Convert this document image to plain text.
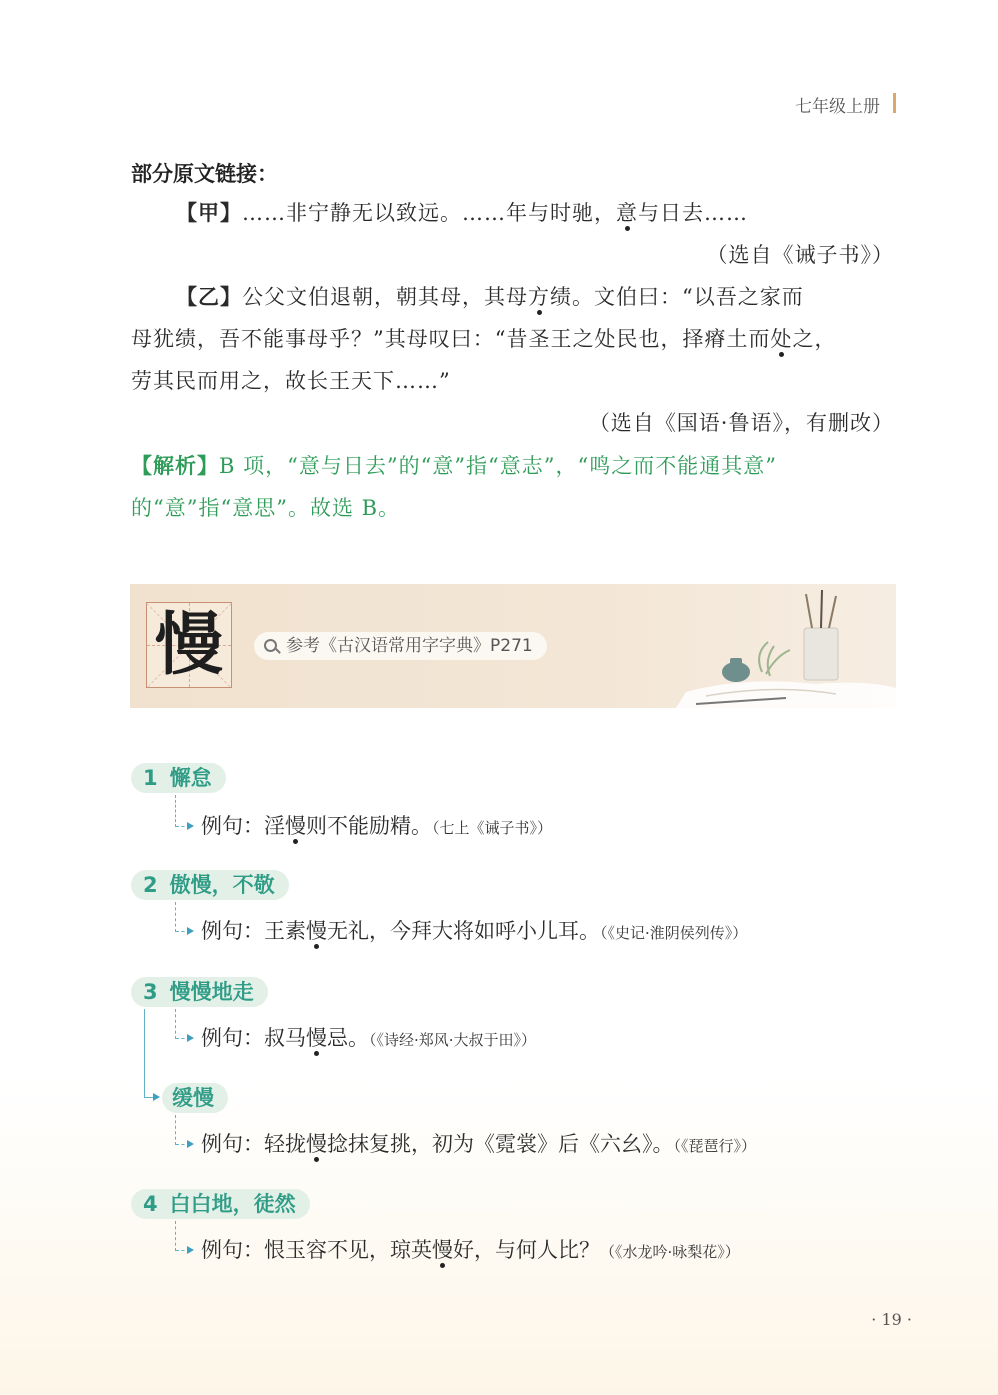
七年级上册
部分原文链接：
【甲】……非宁静无以致远。……年与时驰，意与日去……
（选自《诫子书》）
【乙】公父文伯退朝，朝其母，其母方绩。文伯曰：“以吾之家而
母犹绩，吾不能事母乎？”其母叹曰：“昔圣王之处民也，择瘠土而处之，
劳其民而用之，故长王天下……”
（选自《国语·鲁语》，有删改）
【解析】B 项，“意与日去”的“意”指“意志”，“鸣之而不能通其意”
的“意”指“意思”。故选 B。
慢	参考《古汉语常用字字典》P271
1 懈怠
例句：淫慢则不能励精。（七上《诫子书》）
2 傲慢，不敬
例句：王素慢无礼，今拜大将如呼小儿耳。（《史记·淮阴侯列传》）
3 慢慢地走
例句：叔马慢忌。（《诗经·郑风·大叔于田》）
缓慢
例句：轻拢慢捻抹复挑，初为《霓裳》后《六幺》。（《琵琶行》）
4 白白地，徒然
例句：恨玉容不见，琼英慢好，与何人比？（《水龙吟·咏梨花》）
· 19 ·
